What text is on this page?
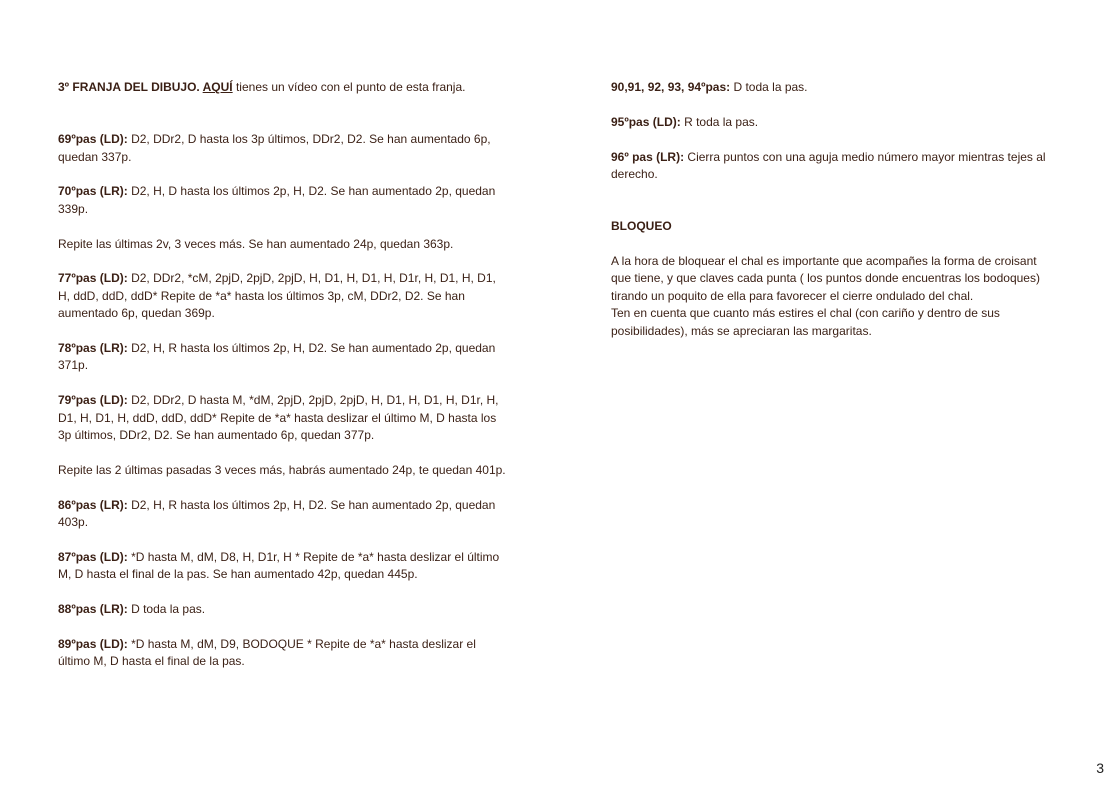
3º FRANJA DEL DIBUJO. AQUÍ tienes un vídeo con el punto de esta franja.

69ºpas (LD): D2, DDr2, D hasta los 3p últimos, DDr2, D2. Se han aumentado 6p, quedan 337p.

70ºpas (LR): D2, H, D hasta los últimos 2p, H, D2. Se han aumentado 2p, quedan 339p.

Repite las últimas 2v, 3 veces más. Se han aumentado 24p, quedan 363p.

77ºpas (LD): D2, DDr2, *cM, 2pjD, 2pjD, 2pjD, H, D1, H, D1, H, D1r, H, D1, H, D1, H, ddD, ddD, ddD* Repite de *a* hasta los últimos 3p, cM, DDr2, D2. Se han aumentado 6p, quedan 369p.

78ºpas (LR): D2, H, R hasta los últimos 2p, H, D2. Se han aumentado 2p, quedan 371p.

79ºpas (LD): D2, DDr2, D hasta M, *dM, 2pjD, 2pjD, 2pjD, H, D1, H, D1, H, D1r, H, D1, H, D1, H, ddD, ddD, ddD* Repite de *a* hasta deslizar el último M, D hasta los 3p últimos, DDr2, D2. Se han aumentado 6p, quedan 377p.

Repite las 2 últimas pasadas 3 veces más, habrás aumentado 24p, te quedan 401p.

86ºpas (LR): D2, H, R hasta los últimos 2p, H, D2. Se han aumentado 2p, quedan 403p.

87ºpas (LD): *D hasta M, dM, D8, H, D1r, H * Repite de *a* hasta deslizar el último M, D hasta el final de la pas. Se han aumentado 42p, quedan 445p.

88ºpas (LR): D toda la pas.

89ºpas (LD): *D hasta M, dM, D9, BODOQUE * Repite de *a* hasta deslizar el último M, D hasta el final de la pas.

90,91, 92, 93, 94ºpas: D toda la pas.

95ºpas (LD): R toda la pas.

96º pas (LR): Cierra puntos con una aguja medio número mayor mientras tejes al derecho.

BLOQUEO

A la hora de bloquear el chal es importante que acompañes la forma de croisant que tiene, y que claves cada punta ( los puntos donde encuentras los bodoques) tirando un poquito de ella para favorecer el cierre ondulado del chal.
Ten en cuenta que cuanto más estires el chal (con cariño y dentro de sus posibilidades), más se apreciaran las margaritas.

3
